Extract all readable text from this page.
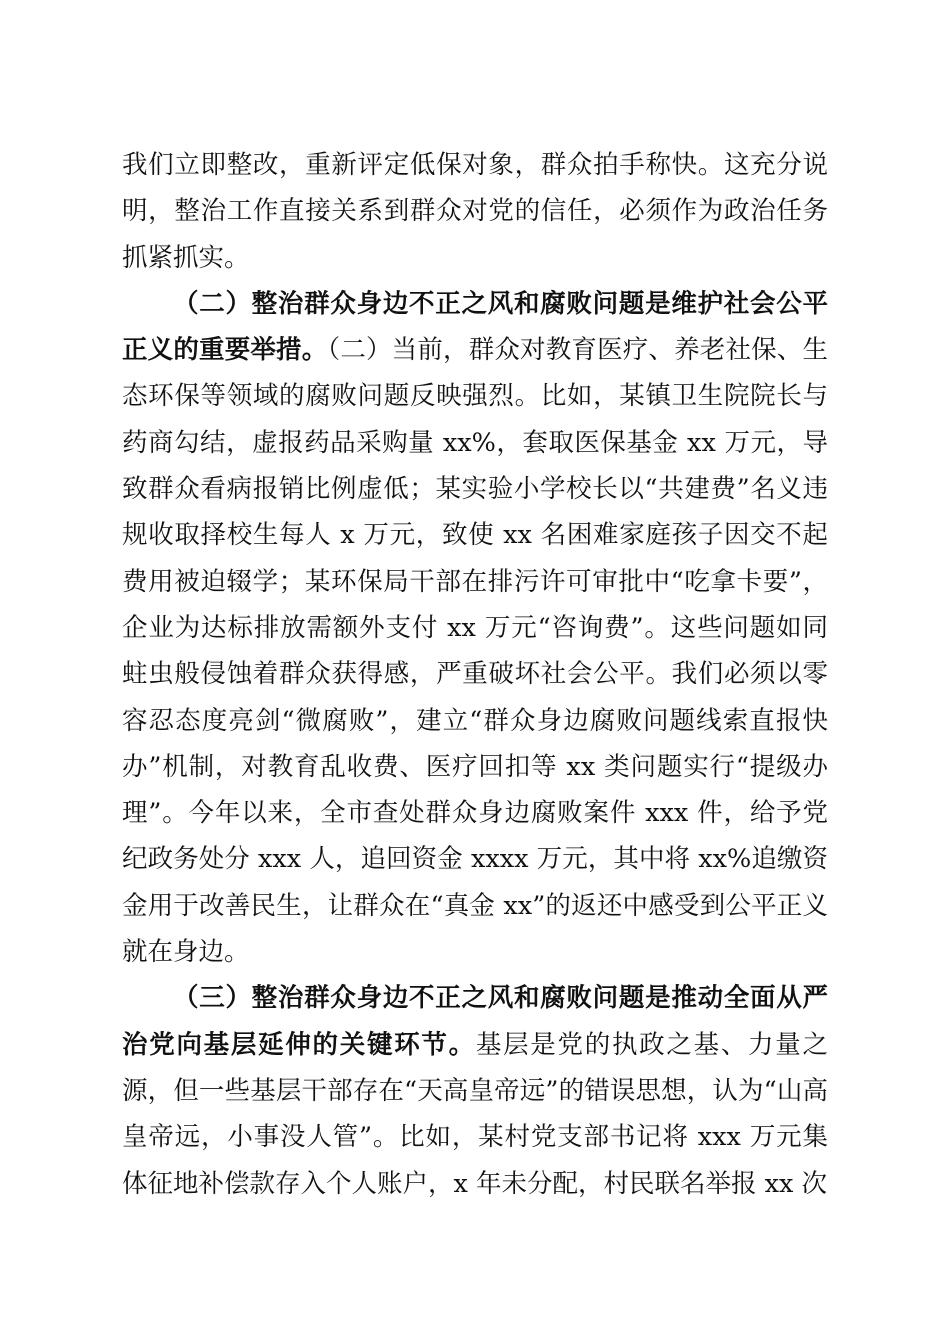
我们立即整改，重新评定低保对象，群众拍手称快。这充分说明，整治工作直接关系到群众对党的信任，必须作为政治任务抓紧抓实。

（二）整治群众身边不正之风和腐败问题是维护社会公平正义的重要举措。（二）当前，群众对教育医疗、养老社保、生态环保等领域的腐败问题反映强烈。比如，某镇卫生院院长与药商勾结，虚报药品采购量 xx%，套取医保基金 xx 万元，导致群众看病报销比例虚低；某实验小学校长以“共建费”名义违规收取择校生每人 x 万元，致使 xx 名困难家庭孩子因交不起费用被迫辍学；某环保局干部在排污许可审批中“吃拿卡要”，企业为达标排放需额外支付 xx 万元“咨询费”。这些问题如同蛀虫般侵蚀着群众获得感，严重破坏社会公平。我们必须以零容忍态度亮剑“微腐败”，建立“群众身边腐败问题线索直报快办”机制，对教育乱收费、医疗回扣等 xx 类问题实行“提级办理”。今年以来，全市查处群众身边腐败案件 xxx 件，给予党纪政务处分 xxx 人，追回资金 xxxx 万元，其中将 xx%追缴资金用于改善民生，让群众在“真金 xx”的返还中感受到公平正义就在身边。

（三）整治群众身边不正之风和腐败问题是推动全面从严治党向基层延伸的关键环节。基层是党的执政之基、力量之源，但一些基层干部存在“天高皇帝远”的错误思想，认为“山高皇帝远，小事没人管”。比如，某村党支部书记将 xxx 万元集体征地补偿款存入个人账户，x 年未分配，村民联名举报 xx 次
